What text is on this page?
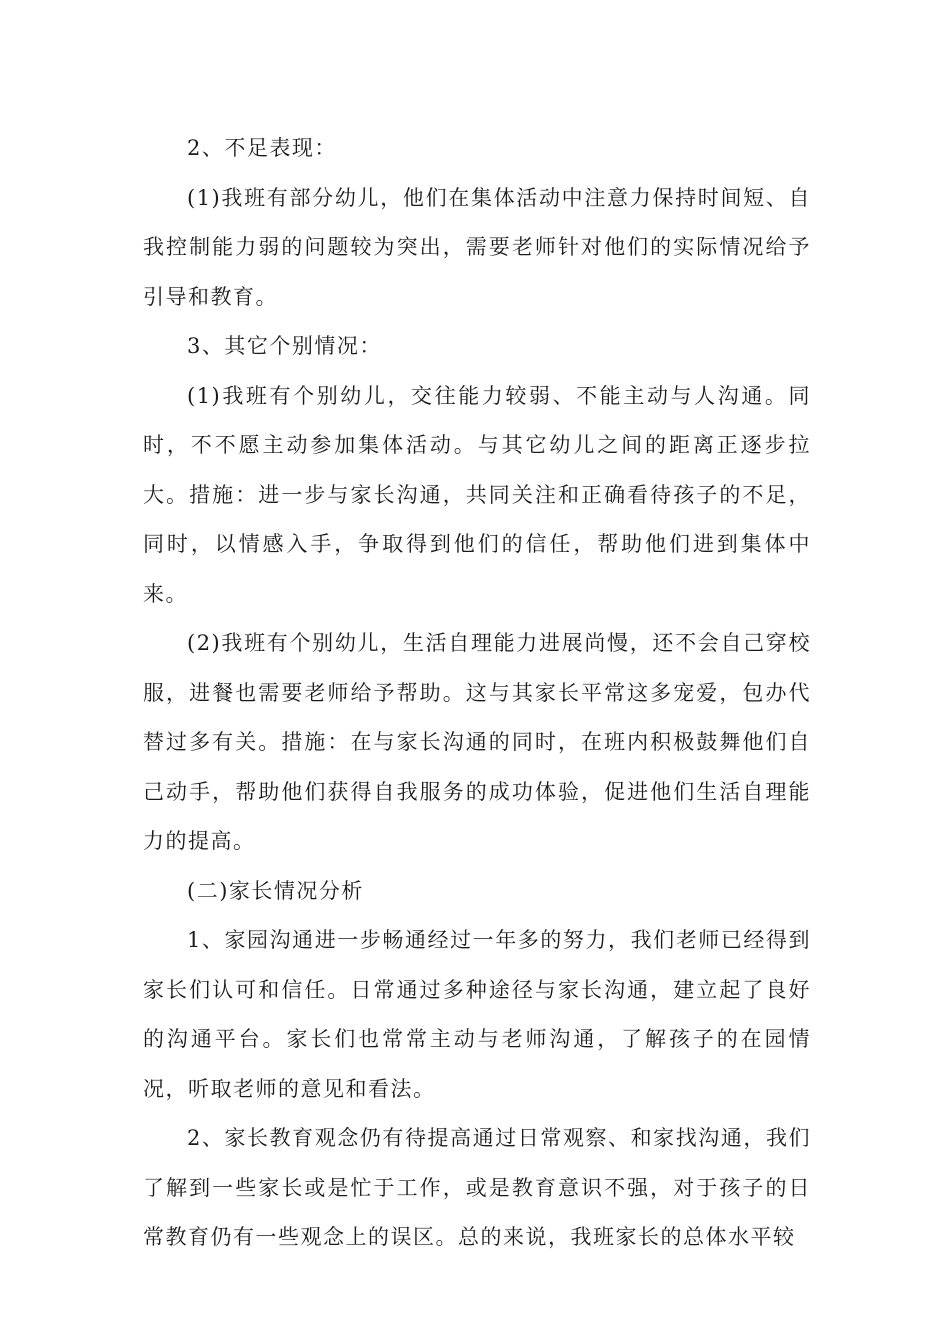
2、不足表现：

(1)我班有部分幼儿，他们在集体活动中注意力保持时间短、自我控制能力弱的问题较为突出，需要老师针对他们的实际情况给予引导和教育。

3、其它个别情况：

(1)我班有个别幼儿，交往能力较弱、不能主动与人沟通。同时，不不愿主动参加集体活动。与其它幼儿之间的距离正逐步拉大。措施：进一步与家长沟通，共同关注和正确看待孩子的不足，同时，以情感入手，争取得到他们的信任，帮助他们进到集体中来。

(2)我班有个别幼儿，生活自理能力进展尚慢，还不会自己穿校服，进餐也需要老师给予帮助。这与其家长平常这多宠爱，包办代替过多有关。措施：在与家长沟通的同时，在班内积极鼓舞他们自己动手，帮助他们获得自我服务的成功体验，促进他们生活自理能力的提高。

(二)家长情况分析

1、家园沟通进一步畅通经过一年多的努力，我们老师已经得到家长们认可和信任。日常通过多种途径与家长沟通，建立起了良好的沟通平台。家长们也常常主动与老师沟通，了解孩子的在园情况，听取老师的意见和看法。

2、家长教育观念仍有待提高通过日常观察、和家找沟通，我们了解到一些家长或是忙于工作，或是教育意识不强，对于孩子的日常教育仍有一些观念上的误区。总的来说，我班家长的总体水平较
